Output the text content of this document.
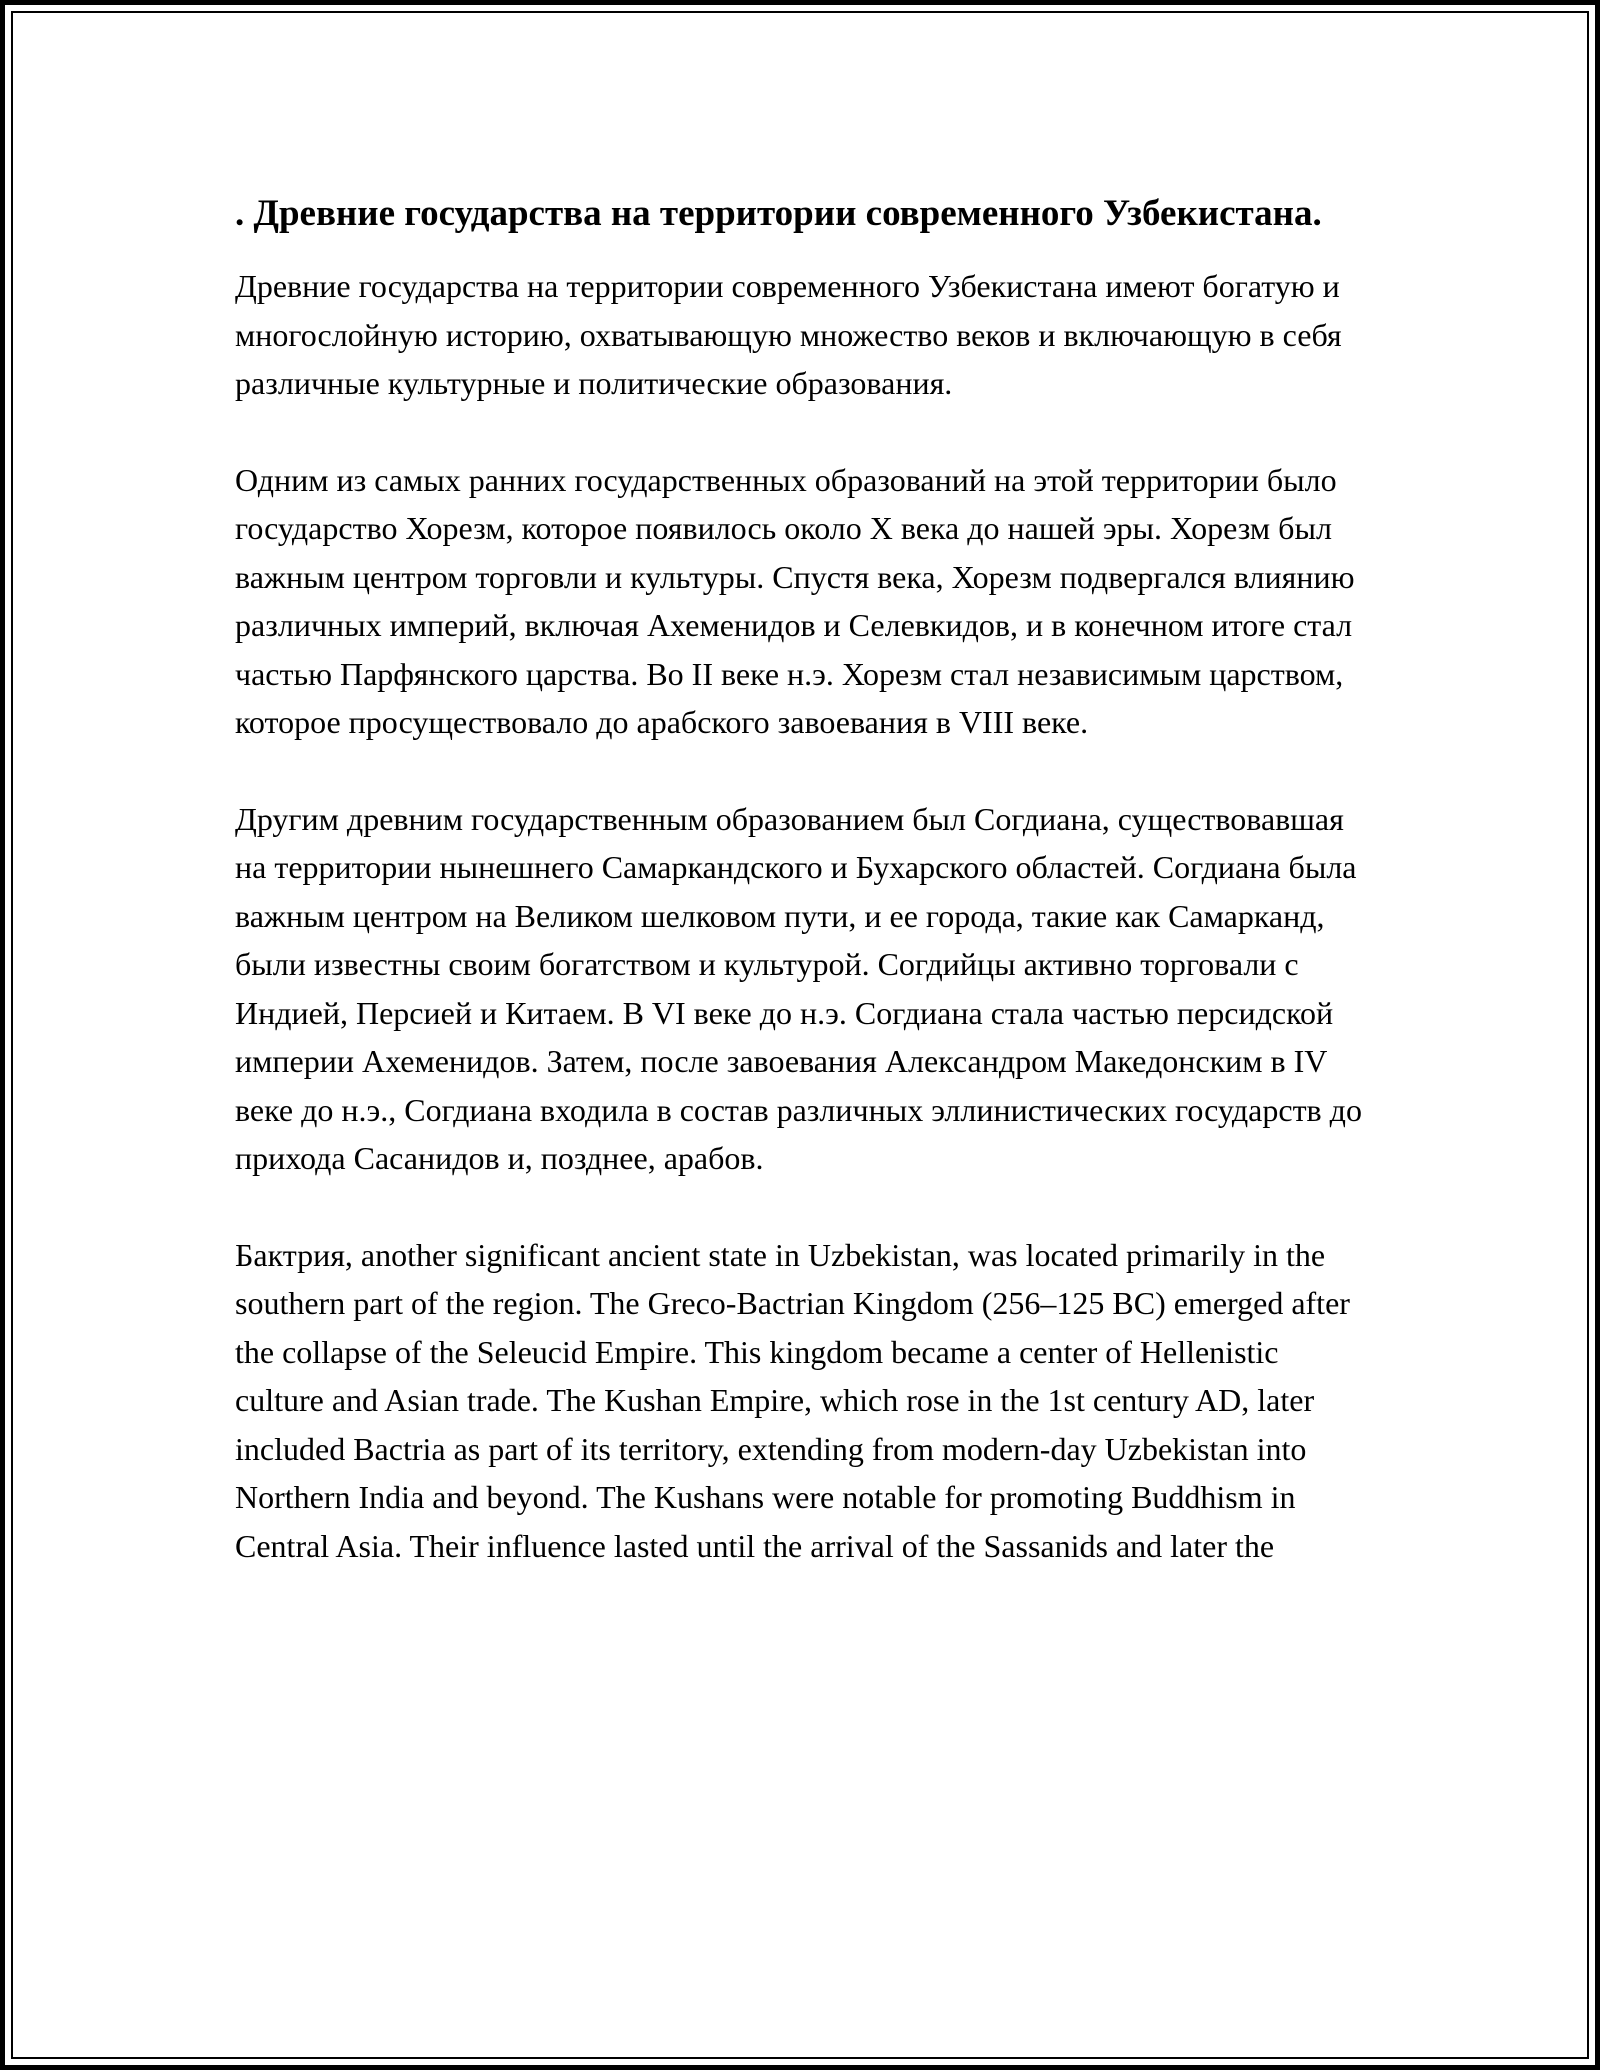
. Древние государства на территории современного Узбекистана.

Древние государства на территории современного Узбекистана имеют богатую и многослойную историю, охватывающую множество веков и включающую в себя различные культурные и политические образования.

Одним из самых ранних государственных образований на этой территории было государство Хорезм, которое появилось около X века до нашей эры. Хорезм был важным центром торговли и культуры. Спустя века, Хорезм подвергался влиянию различных империй, включая Ахеменидов и Селевкидов, и в конечном итоге стал частью Парфянского царства. Во II веке н.э. Хорезм стал независимым царством, которое просуществовало до арабского завоевания в VIII веке.

Другим древним государственным образованием был Согдиана, существовавшая на территории нынешнего Самаркандского и Бухарского областей. Согдиана была важным центром на Великом шелковом пути, и ее города, такие как Самарканд, были известны своим богатством и культурой. Согдийцы активно торговали с Индией, Персией и Китаем. В VI веке до н.э. Согдиана стала частью персидской империи Ахеменидов. Затем, после завоевания Александром Македонским в IV веке до н.э., Согдиана входила в состав различных эллинистических государств до прихода Сасанидов и, позднее, арабов.

Бактрия, another significant ancient state in Uzbekistan, was located primarily in the southern part of the region. The Greco-Bactrian Kingdom (256–125 BC) emerged after the collapse of the Seleucid Empire. This kingdom became a center of Hellenistic culture and Asian trade. The Kushan Empire, which rose in the 1st century AD, later included Bactria as part of its territory, extending from modern-day Uzbekistan into Northern India and beyond. The Kushans were notable for promoting Buddhism in Central Asia. Their influence lasted until the arrival of the Sassanids and later the
